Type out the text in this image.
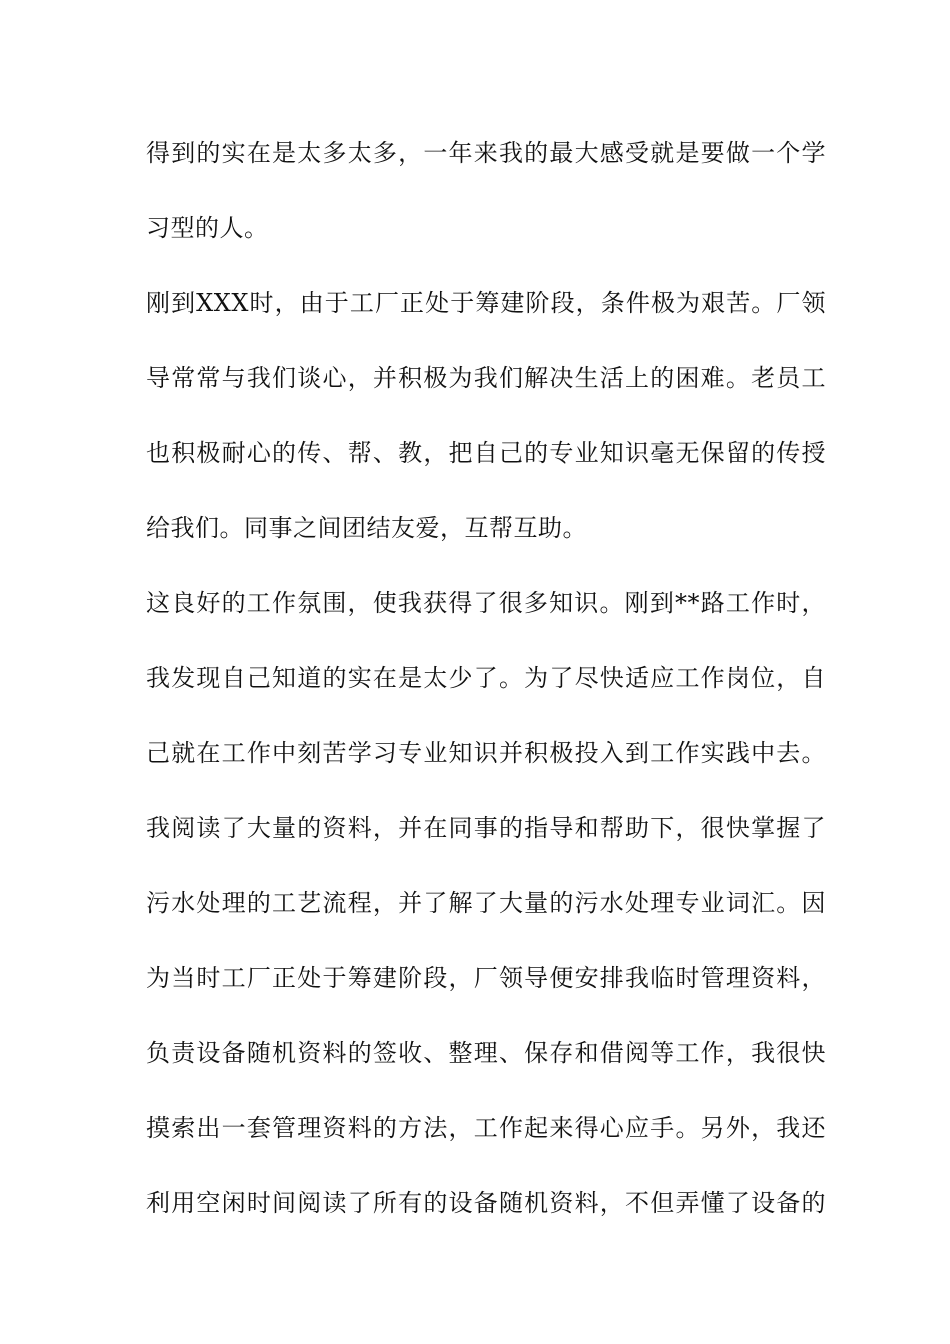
得到的实在是太多太多，一年来我的最大感受就是要做一个学
习型的人。
刚到XXX时，由于工厂正处于筹建阶段，条件极为艰苦。厂领
导常常与我们谈心，并积极为我们解决生活上的困难。老员工
也积极耐心的传、帮、教，把自己的专业知识毫无保留的传授
给我们。同事之间团结友爱，互帮互助。
这良好的工作氛围，使我获得了很多知识。刚到**路工作时，
我发现自己知道的实在是太少了。为了尽快适应工作岗位，自
己就在工作中刻苦学习专业知识并积极投入到工作实践中去。
我阅读了大量的资料，并在同事的指导和帮助下，很快掌握了
污水处理的工艺流程，并了解了大量的污水处理专业词汇。因
为当时工厂正处于筹建阶段，厂领导便安排我临时管理资料，
负责设备随机资料的签收、整理、保存和借阅等工作，我很快
摸索出一套管理资料的方法，工作起来得心应手。另外，我还
利用空闲时间阅读了所有的设备随机资料，不但弄懂了设备的
